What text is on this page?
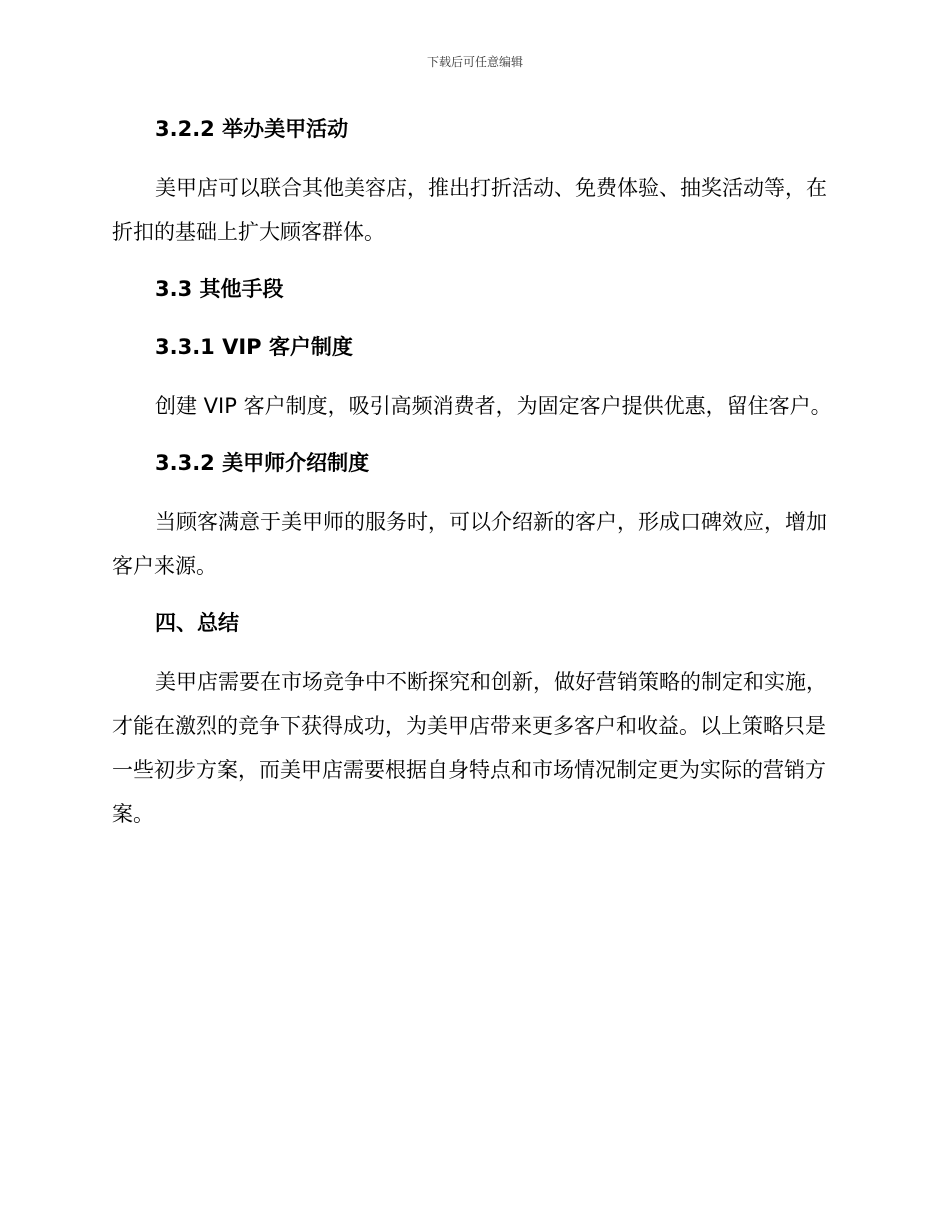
下载后可任意编辑
3.2.2 举办美甲活动
美甲店可以联合其他美容店，推出打折活动、免费体验、抽奖活动等，在折扣的基础上扩大顾客群体。
3.3 其他手段
3.3.1 VIP 客户制度
创建 VIP 客户制度，吸引高频消费者，为固定客户提供优惠，留住客户。
3.3.2 美甲师介绍制度
当顾客满意于美甲师的服务时，可以介绍新的客户，形成口碑效应，增加客户来源。
四、总结
美甲店需要在市场竞争中不断探究和创新，做好营销策略的制定和实施，才能在激烈的竞争下获得成功，为美甲店带来更多客户和收益。以上策略只是一些初步方案，而美甲店需要根据自身特点和市场情况制定更为实际的营销方案。
